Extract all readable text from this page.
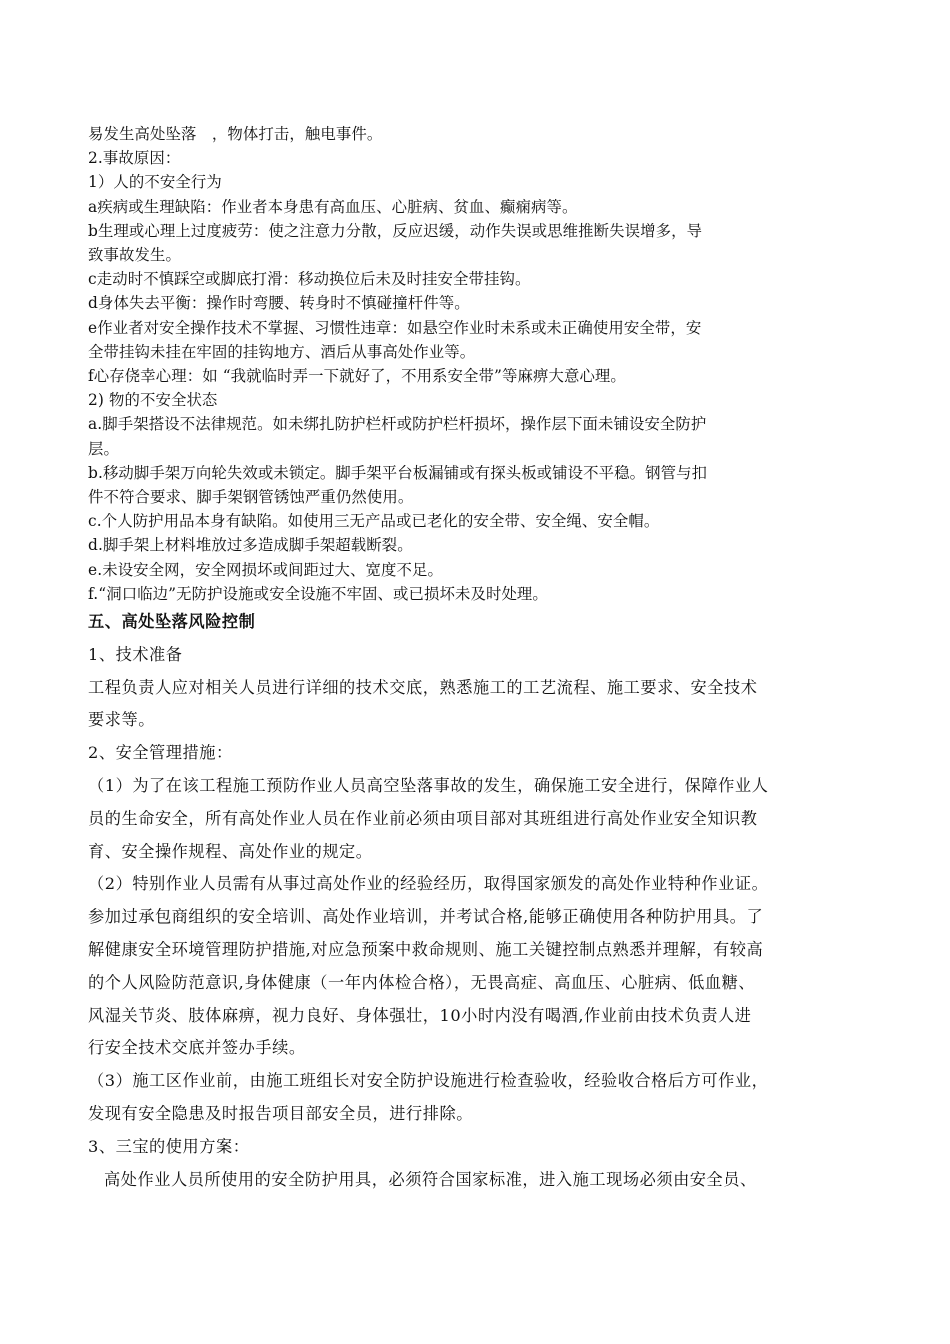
易发生高处坠落　，物体打击，触电事件。
2.事故原因：
1）人的不安全行为
a疾病或生理缺陷：作业者本身患有高血压、心脏病、贫血、癫痫病等。
b生理或心理上过度疲劳：使之注意力分散，反应迟缓，动作失误或思维推断失误增多，导
致事故发生。
c走动时不慎踩空或脚底打滑：移动换位后未及时挂安全带挂钩。
d身体失去平衡：操作时弯腰、转身时不慎碰撞杆件等。
e作业者对安全操作技术不掌握、习惯性违章：如悬空作业时未系或未正确使用安全带，安
全带挂钩未挂在牢固的挂钩地方、酒后从事高处作业等。
f心存侥幸心理：如 “我就临时弄一下就好了，不用系安全带”等麻痹大意心理。
2) 物的不安全状态
a.脚手架搭设不法律规范。如未绑扎防护栏杆或防护栏杆损坏，操作层下面未铺设安全防护
层。
b.移动脚手架万向轮失效或未锁定。脚手架平台板漏铺或有探头板或铺设不平稳。钢管与扣
件不符合要求、脚手架钢管锈蚀严重仍然使用。
c.个人防护用品本身有缺陷。如使用三无产品或已老化的安全带、安全绳、安全帽。
d.脚手架上材料堆放过多造成脚手架超载断裂。
e.未设安全网，安全网损坏或间距过大、宽度不足。
f.“洞口临边”无防护设施或安全设施不牢固、或已损坏未及时处理。
五、高处坠落风险控制
1、技术准备
工程负责人应对相关人员进行详细的技术交底，熟悉施工的工艺流程、施工要求、安全技术
要求等。
2、安全管理措施：
（1）为了在该工程施工预防作业人员高空坠落事故的发生，确保施工安全进行，保障作业人
员的生命安全，所有高处作业人员在作业前必须由项目部对其班组进行高处作业安全知识教
育、安全操作规程、高处作业的规定。
（2）特别作业人员需有从事过高处作业的经验经历，取得国家颁发的高处作业特种作业证。
参加过承包商组织的安全培训、高处作业培训，并考试合格,能够正确使用各种防护用具。了
解健康安全环境管理防护措施,对应急预案中救命规则、施工关键控制点熟悉并理解，有较高
的个人风险防范意识,身体健康（一年内体检合格），无畏高症、高血压、心脏病、低血糖、
风湿关节炎、肢体麻痹，视力良好、身体强壮，10小时内没有喝酒,作业前由技术负责人进
行安全技术交底并签办手续。
（3）施工区作业前，由施工班组长对安全防护设施进行检查验收，经验收合格后方可作业，
发现有安全隐患及时报告项目部安全员，进行排除。
3、三宝的使用方案：
高处作业人员所使用的安全防护用具，必须符合国家标准，进入施工现场必须由安全员、
